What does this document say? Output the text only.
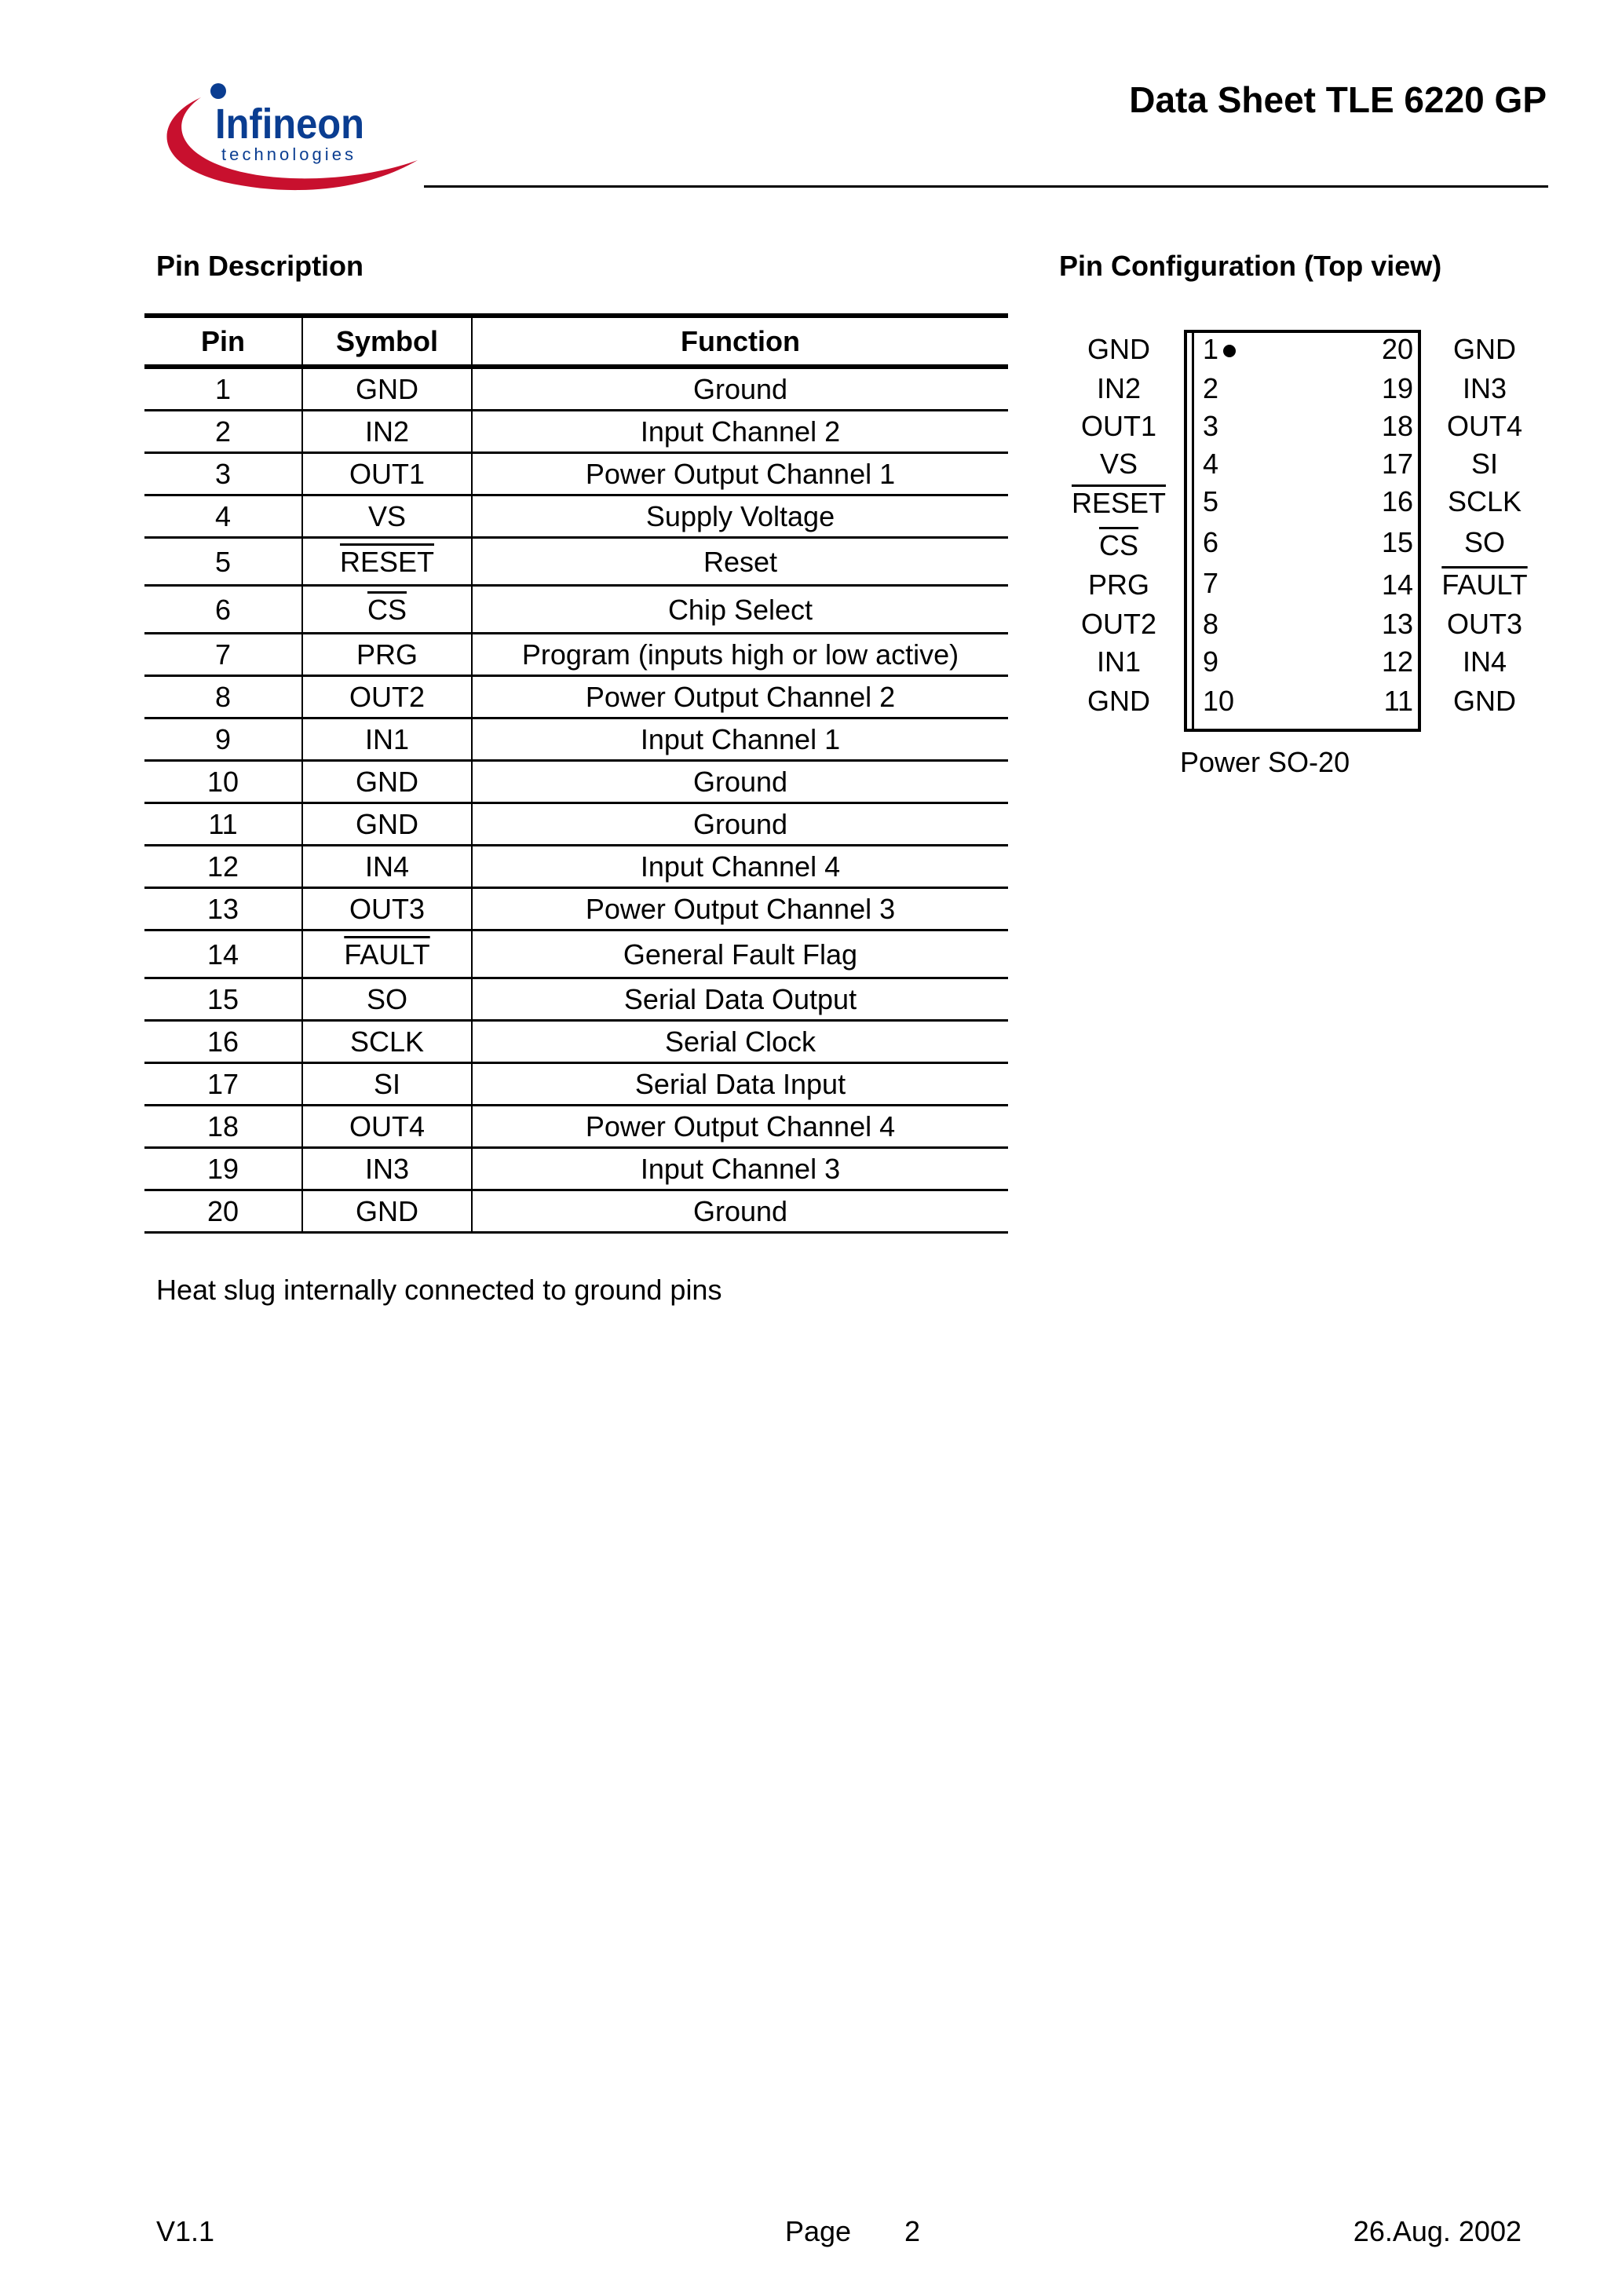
Infineon
technologies
Data Sheet TLE 6220 GP
Pin Description
Pin	Symbol	Function
1	GND	Ground
2	IN2	Input Channel 2
3	OUT1	Power Output Channel 1
4	VS	Supply Voltage
5	RESET	Reset
6	$\overline{CS}$	Chip Select
7	PRG	Program (inputs high or low active)
8	OUT2	Power Output Channel 2
9	IN1	Input Channel 1
10	GND	Ground
11	GND	Ground
12	IN4	Input Channel 4
13	OUT3	Power Output Channel 3
14	FAULT	General Fault Flag
15	SO	Serial Data Output
16	SCLK	Serial Clock
17	SI	Serial Data Input
18	OUT4	Power Output Channel 4
19	IN3	Input Channel 3
20	GND	Ground
Heat slug internally connected to ground pins
Pin Configuration (Top view)
GND	1
IN2	2
OUT1	3
VS	4
RESET 5
$\overline{CS}$	6
PRG	7
OUT2	8
IN1	9
GND	10
20	GND
19	IN3
18	OUT4
17	SI
16	SCLK
15	SO
14	FAULT
13	OUT3
12	IN4
11	GND
Power SO-20
V1.1	Page 2	26.Aug. 2002
